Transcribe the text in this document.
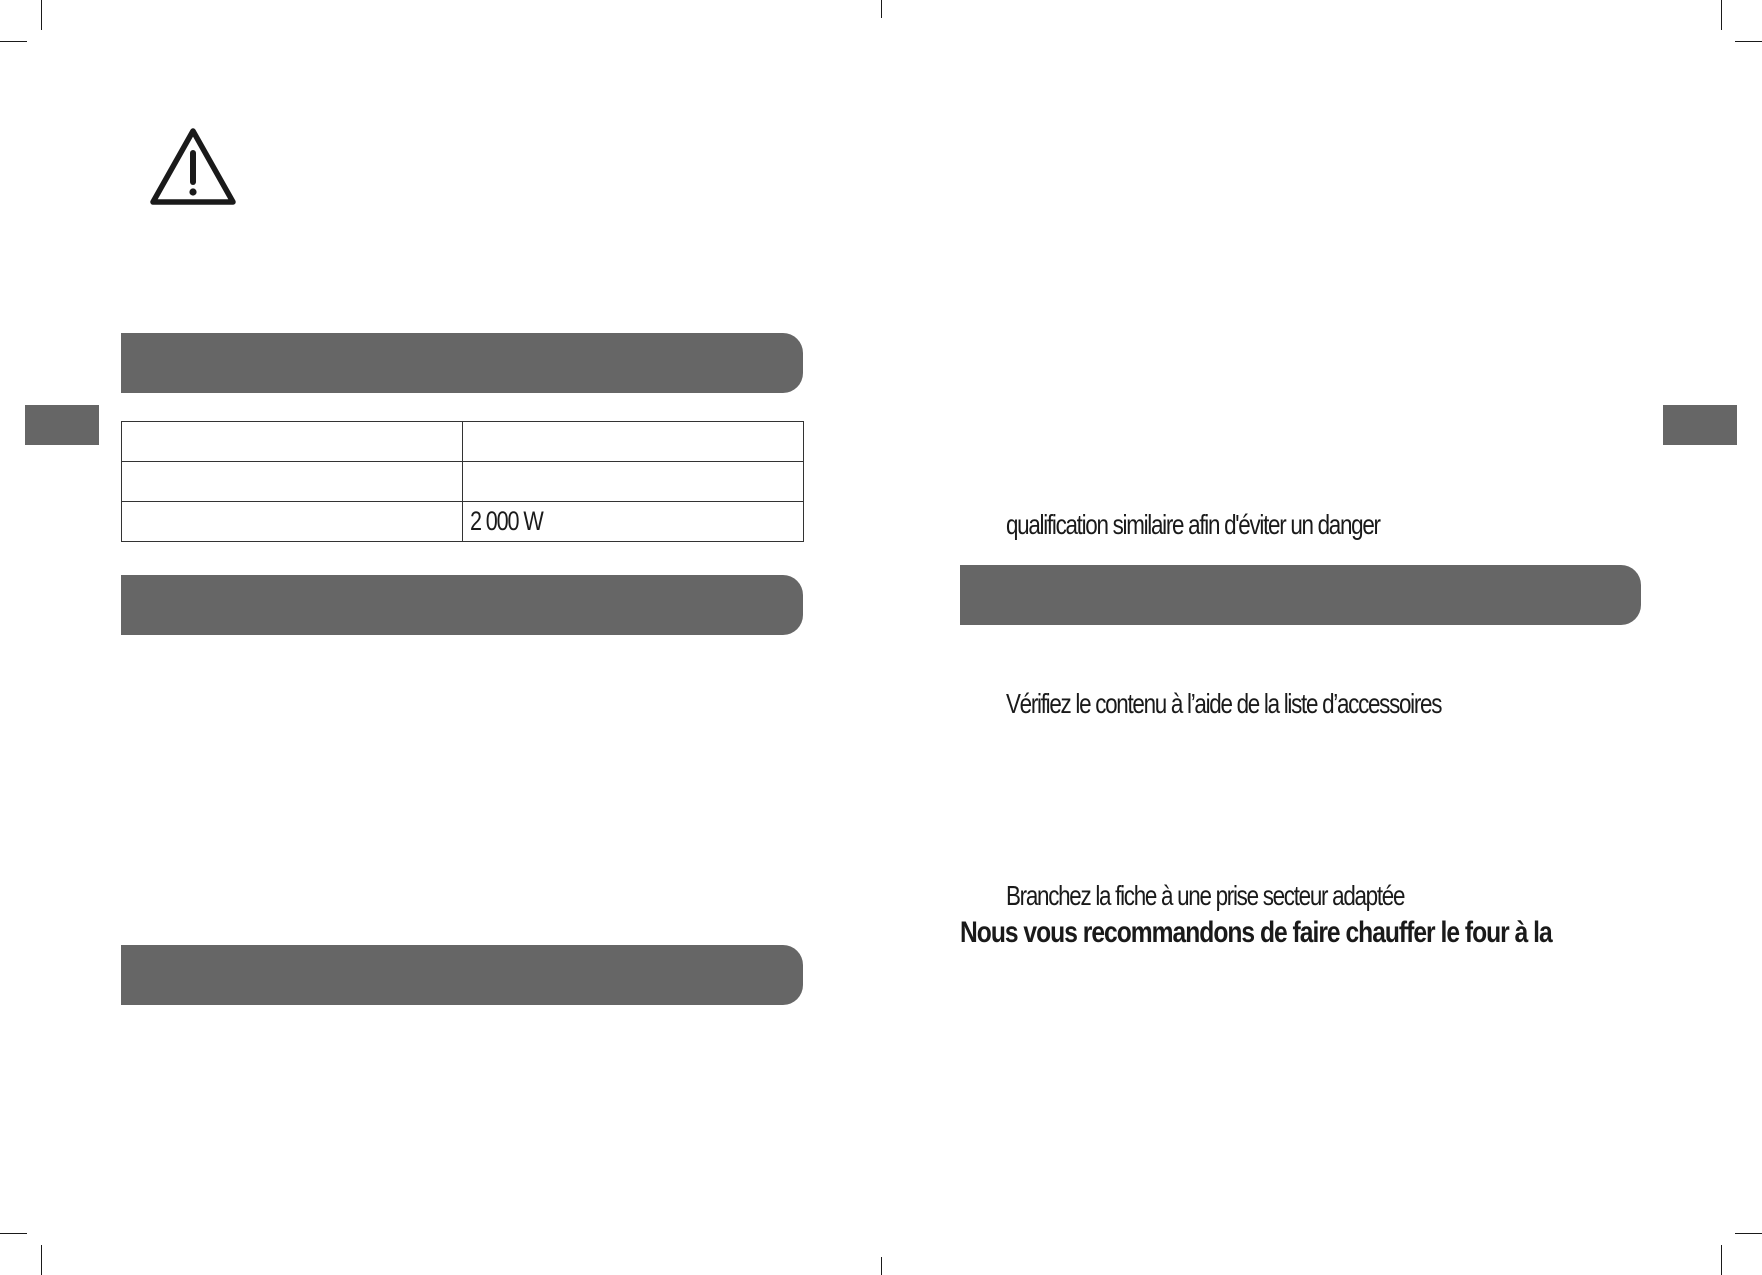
	2 000 W	qualification similaire afin d'éviter un danger
Vérifiez le contenu à l’aide de la liste d’accessoires
Branchez la fiche à une prise secteur adaptée
Nous vous recommandons de faire chauffer le four à la
